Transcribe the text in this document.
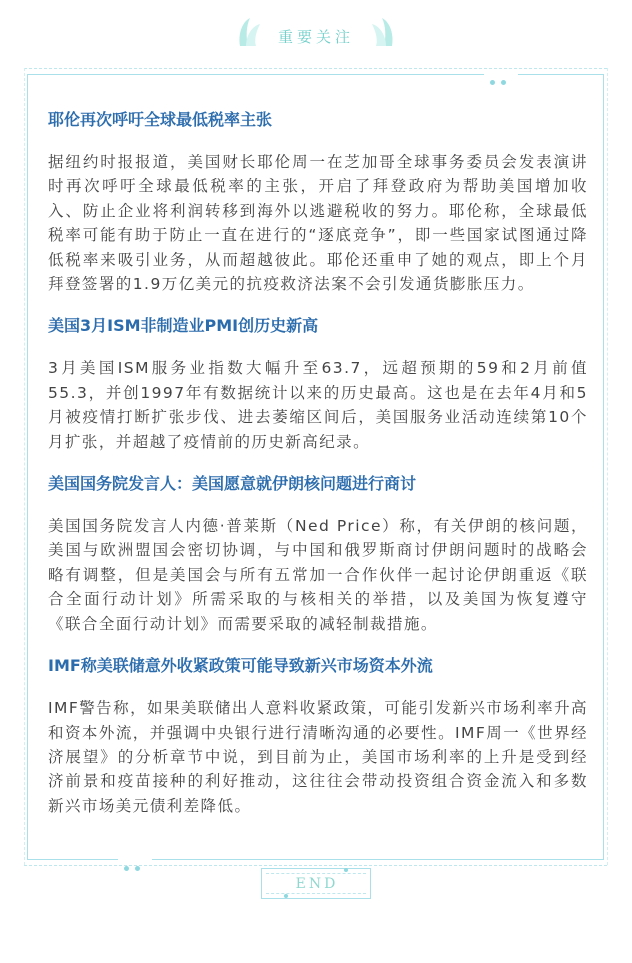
重要关注

耶伦再次呼吁全球最低税率主张

据纽约时报报道，美国财长耶伦周一在芝加哥全球事务委员会发表演讲时再次呼吁全球最低税率的主张，开启了拜登政府为帮助美国增加收入、防止企业将利润转移到海外以逃避税收的努力。耶伦称，全球最低税率可能有助于防止一直在进行的“逐底竞争”，即一些国家试图通过降低税率来吸引业务，从而超越彼此。耶伦还重申了她的观点，即上个月拜登签署的1.9万亿美元的抗疫救济法案不会引发通货膨胀压力。

美国3月ISM非制造业PMI创历史新高

3月美国ISM服务业指数大幅升至63.7，远超预期的59和2月前值55.3，并创1997年有数据统计以来的历史最高。这也是在去年4月和5月被疫情打断扩张步伐、进去萎缩区间后，美国服务业活动连续第10个月扩张，并超越了疫情前的历史新高纪录。

美国国务院发言人：美国愿意就伊朗核问题进行商讨

美国国务院发言人内德·普莱斯（Ned Price）称，有关伊朗的核问题，美国与欧洲盟国会密切协调，与中国和俄罗斯商讨伊朗问题时的战略会略有调整，但是美国会与所有五常加一合作伙伴一起讨论伊朗重返《联合全面行动计划》所需采取的与核相关的举措，以及美国为恢复遵守《联合全面行动计划》而需要采取的减轻制裁措施。

IMF称美联储意外收紧政策可能导致新兴市场资本外流

IMF警告称，如果美联储出人意料收紧政策，可能引发新兴市场利率升高和资本外流，并强调中央银行进行清晰沟通的必要性。IMF周一《世界经济展望》的分析章节中说，到目前为止，美国市场利率的上升是受到经济前景和疫苗接种的利好推动，这往往会带动投资组合资金流入和多数新兴市场美元债利差降低。

END
